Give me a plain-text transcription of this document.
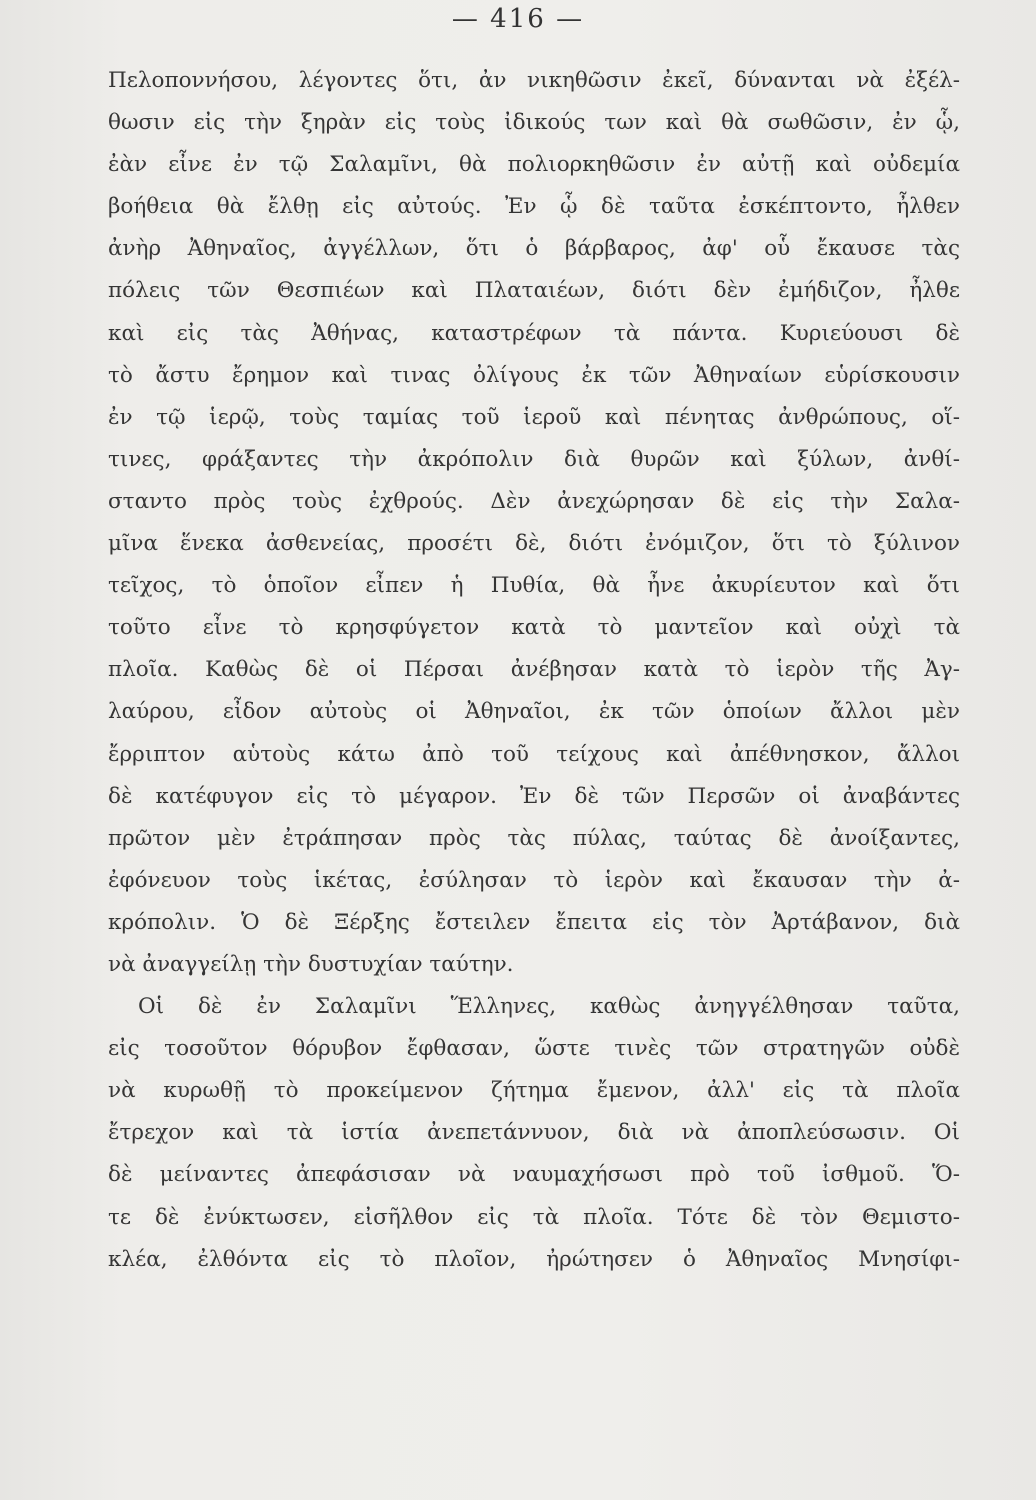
— 416 —
Πελοποννήσου, λέγοντες ὅτι, ἀν νικηθῶσιν ἐκεῖ, δύνανται νὰ ἐξέλ-
θωσιν εἰς τὴν ξηρὰν εἰς τοὺς ἰδικούς των καὶ θὰ σωθῶσιν, ἐν ᾧ,
ἐὰν εἶνε ἐν τῷ Σαλαμῖνι, θὰ πολιορκηθῶσιν ἐν αὐτῇ καὶ οὐδεμία
βοήθεια θὰ ἔλθῃ εἰς αὐτούς. Ἐν ᾧ δὲ ταῦτα ἐσκέπτοντο, ἦλθεν
ἀνὴρ Ἀθηναῖος, ἀγγέλλων, ὅτι ὁ βάρβαρος, ἀφ' οὗ ἔκαυσε τὰς
πόλεις τῶν Θεσπιέων καὶ Πλαταιέων, διότι δὲν ἐμήδιζον, ἦλθε
καὶ εἰς τὰς Ἀθήνας, καταστρέφων τὰ πάντα. Κυριεύουσι δὲ
τὸ ἄστυ ἔρημον καὶ τινας ὀλίγους ἐκ τῶν Ἀθηναίων εὑρίσκουσιν
ἐν τῷ ἱερῷ, τοὺς ταμίας τοῦ ἱεροῦ καὶ πένητας ἀνθρώπους, οἵ-
τινες, φράξαντες τὴν ἀκρόπολιν διὰ θυρῶν καὶ ξύλων, ἀνθί-
σταντο πρὸς τοὺς ἐχθρούς. Δὲν ἀνεχώρησαν δὲ εἰς τὴν Σαλα-
μῖνα ἕνεκα ἀσθενείας, προσέτι δὲ, διότι ἐνόμιζον, ὅτι τὸ ξύλινον
τεῖχος, τὸ ὁποῖον εἶπεν ἡ Πυθία, θὰ ἦνε ἀκυρίευτον καὶ ὅτι
τοῦτο εἶνε τὸ κρησφύγετον κατὰ τὸ μαντεῖον καὶ οὐχὶ τὰ
πλοῖα. Καθὼς δὲ οἱ Πέρσαι ἀνέβησαν κατὰ τὸ ἱερὸν τῆς Ἀγ-
λαύρου, εἶδον αὐτοὺς οἱ Ἀθηναῖοι, ἐκ τῶν ὁποίων ἄλλοι μὲν
ἔρριπτον αὑτοὺς κάτω ἀπὸ τοῦ τείχους καὶ ἀπέθνησκον, ἄλλοι
δὲ κατέφυγον εἰς τὸ μέγαρον. Ἐν δὲ τῶν Περσῶν οἱ ἀναβάντες
πρῶτον μὲν ἐτράπησαν πρὸς τὰς πύλας, ταύτας δὲ ἀνοίξαντες,
ἐφόνευον τοὺς ἱκέτας, ἐσύλησαν τὸ ἱερὸν καὶ ἔκαυσαν τὴν ἀ-
κρόπολιν. Ὁ δὲ Ξέρξης ἔστειλεν ἔπειτα εἰς τὸν Ἀρτάβανον, διὰ
νὰ ἀναγγείλῃ τὴν δυστυχίαν ταύτην.
Οἱ δὲ ἐν Σαλαμῖνι Ἕλληνες, καθὼς ἀνηγγέλθησαν ταῦτα,
εἰς τοσοῦτον θόρυβον ἔφθασαν, ὥστε τινὲς τῶν στρατηγῶν οὐδὲ
νὰ κυρωθῇ τὸ προκείμενον ζήτημα ἔμενον, ἀλλ' εἰς τὰ πλοῖα
ἔτρεχον καὶ τὰ ἱστία ἀνεπετάννυον, διὰ νὰ ἀποπλεύσωσιν. Οἱ
δὲ μείναντες ἀπεφάσισαν νὰ ναυμαχήσωσι πρὸ τοῦ ἰσθμοῦ. Ὅ-
τε δὲ ἐνύκτωσεν, εἰσῆλθον εἰς τὰ πλοῖα. Τότε δὲ τὸν Θεμιστο-
κλέα, ἐλθόντα εἰς τὸ πλοῖον, ἠρώτησεν ὁ Ἀθηναῖος Μνησίφι-
